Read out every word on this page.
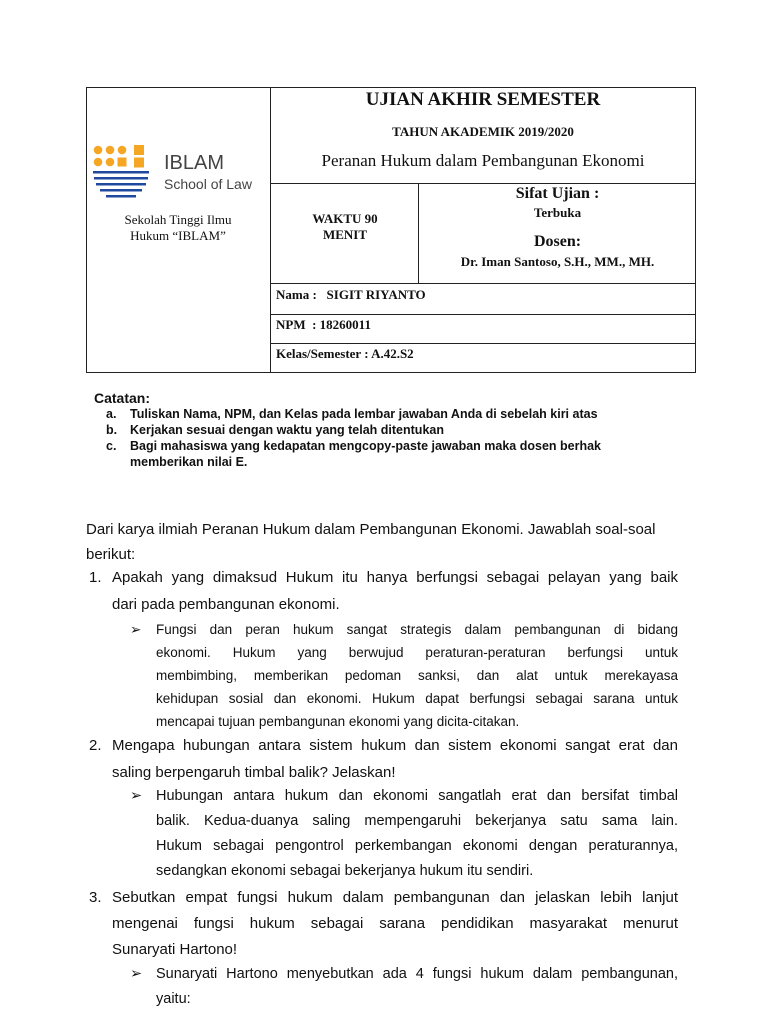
IBLAM
School of Law
Sekolah Tinggi Ilmu
Hukum “IBLAM”
UJIAN AKHIR SEMESTER
TAHUN AKADEMIK 2019/2020
Peranan Hukum dalam Pembangunan Ekonomi
WAKTU 90
MENIT
Sifat Ujian :
Terbuka
Dosen:
Dr. Iman Santoso, S.H., MM., MH.
Nama :   SIGIT RIYANTO
NPM  : 18260011
Kelas/Semester : A.42.S2
Catatan:
a. Tuliskan Nama, NPM, dan Kelas pada lembar jawaban Anda di sebelah kiri atas
b. Kerjakan sesuai dengan waktu yang telah ditentukan
c. Bagi mahasiswa yang kedapatan mengcopy-paste jawaban maka dosen berhak
memberikan nilai E.
Dari karya ilmiah Peranan Hukum dalam Pembangunan Ekonomi. Jawablah soal-soal
berikut:
1. Apakah yang dimaksud Hukum itu hanya berfungsi sebagai pelayan yang baik
dari pada pembangunan ekonomi.
➢ Fungsi dan peran hukum sangat strategis dalam pembangunan di bidang
ekonomi. Hukum yang berwujud peraturan-peraturan berfungsi untuk
membimbing, memberikan pedoman sanksi, dan alat untuk merekayasa
kehidupan sosial dan ekonomi. Hukum dapat berfungsi sebagai sarana untuk
mencapai tujuan pembangunan ekonomi yang dicita-citakan.
2. Mengapa hubungan antara sistem hukum dan sistem ekonomi sangat erat dan
saling berpengaruh timbal balik? Jelaskan!
➢ Hubungan antara hukum dan ekonomi sangatlah erat dan bersifat timbal
balik. Kedua-duanya saling mempengaruhi bekerjanya satu sama lain.
Hukum sebagai pengontrol perkembangan ekonomi dengan peraturannya,
sedangkan ekonomi sebagai bekerjanya hukum itu sendiri.
3. Sebutkan empat fungsi hukum dalam pembangunan dan jelaskan lebih lanjut
mengenai fungsi hukum sebagai sarana pendidikan masyarakat menurut
Sunaryati Hartono!
➢ Sunaryati Hartono menyebutkan ada 4 fungsi hukum dalam pembangunan,
yaitu:
